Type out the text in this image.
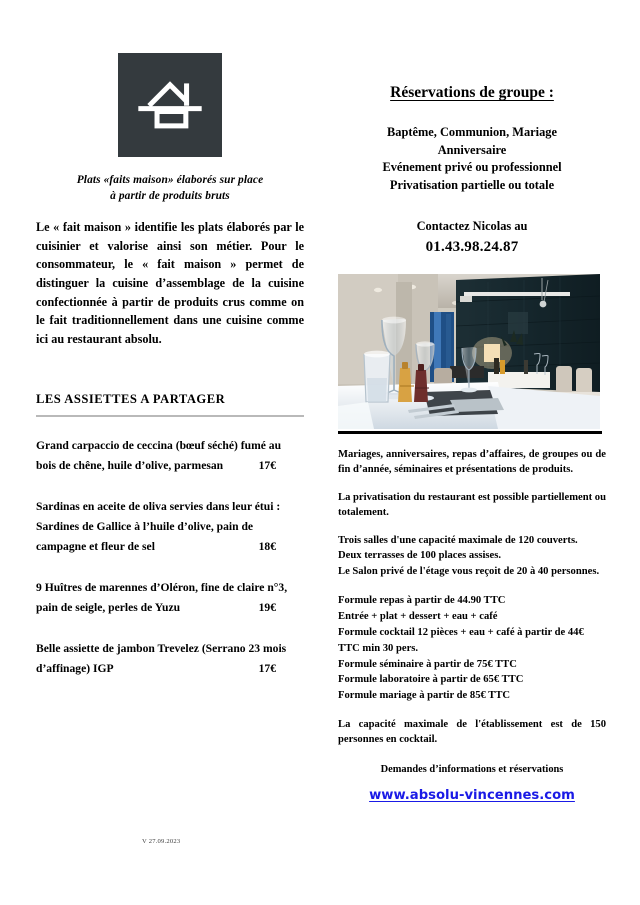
Plats «faits maison» élaborés sur place
à partir de produits bruts
Le « fait maison » identifie les plats élaborés par le cuisinier et valorise ainsi son métier. Pour le consommateur, le « fait maison » permet de distinguer la cuisine d’assemblage de la cuisine confectionnée à partir de produits crus comme on le fait traditionnellement dans une cuisine comme ici au restaurant absolu.
LES ASSIETTES A PARTAGER
Grand carpaccio de ceccina (bœuf séché) fumé au
bois de chêne, huile d’olive, parmesan	17€
Sardinas en aceite de oliva servies dans leur étui :
Sardines de Gallice à l’huile d’olive, pain de
campagne et fleur de sel	18€
9 Huîtres de marennes d’Oléron, fine de claire n°3,
pain de seigle, perles de Yuzu	19€
Belle assiette de jambon Trevelez (Serrano 23 mois
d’affinage) IGP	17€
V 27.09.2023
Réservations de groupe :
Baptême, Communion, Mariage
Anniversaire
Evénement privé ou professionnel
Privatisation partielle ou totale
Contactez Nicolas au
01.43.98.24.87
Mariages, anniversaires, repas d’affaires, de groupes ou de fin d’année, séminaires et présentations de produits.
La privatisation du restaurant est possible partiellement ou totalement.
Trois salles d'une capacité maximale de 120 couverts.
Deux terrasses de 100 places assises.
Le Salon privé de l'étage vous reçoit de 20 à 40 personnes.
Formule repas à partir de 44.90 TTC
Entrée + plat + dessert + eau + café
Formule cocktail 12 pièces + eau + café à partir de 44€ TTC min 30 pers.
Formule séminaire à partir de 75€ TTC
Formule laboratoire à partir de 65€ TTC
Formule mariage à partir de 85€ TTC
La capacité maximale de l'établissement est de 150 personnes en cocktail.
Demandes d’informations et réservations
www.absolu-vincennes.com
